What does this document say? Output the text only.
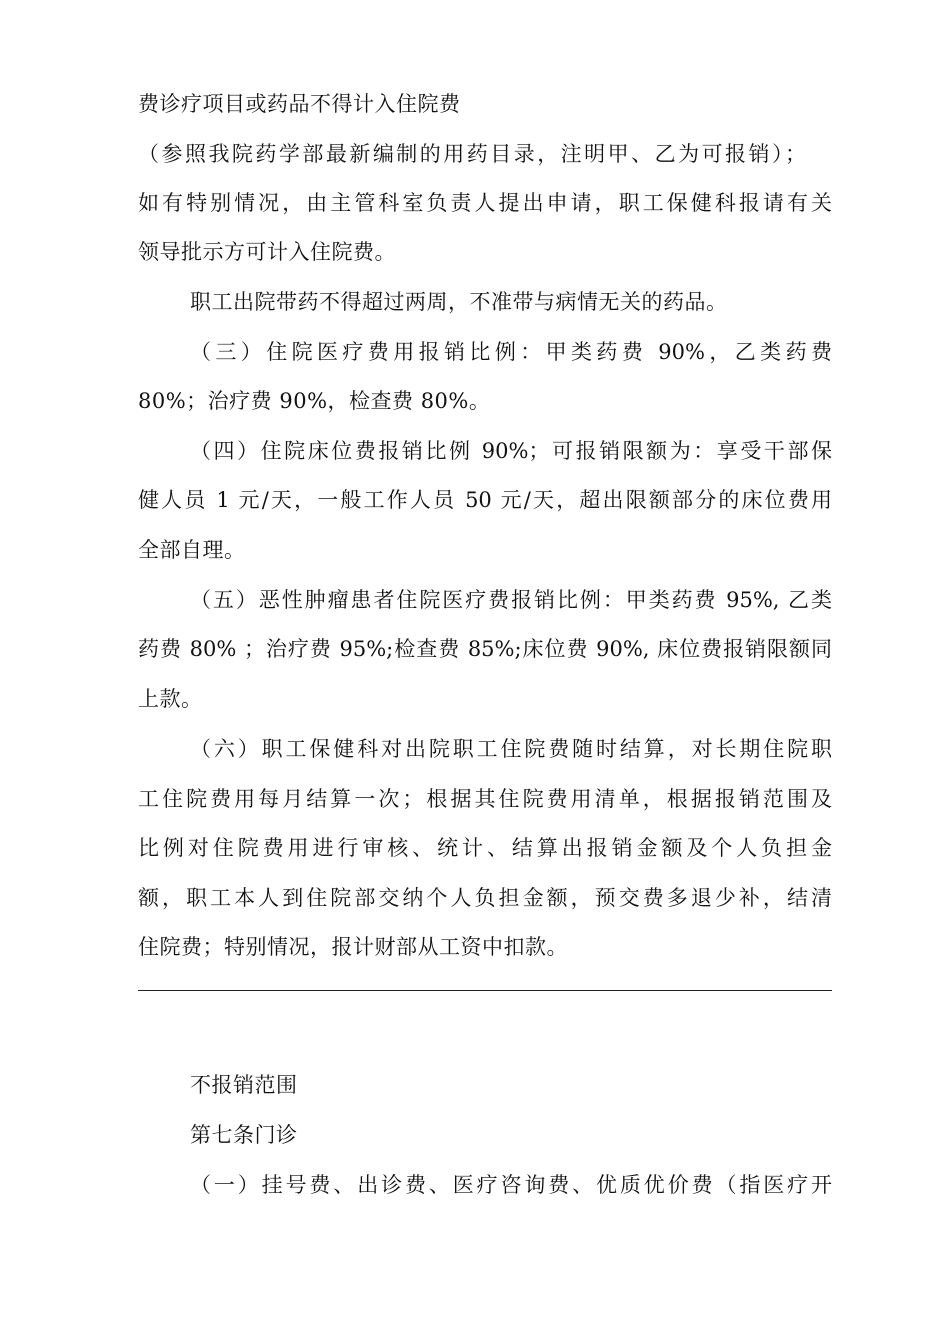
费诊疗项目或药品不得计入住院费
（参照我院药学部最新编制的用药目录，注明甲、乙为可报销）；
如有特别情况，由主管科室负责人提出申请，职工保健科报请有关
领导批示方可计入住院费。
职工出院带药不得超过两周，不准带与病情无关的药品。
（三）住院医疗费用报销比例：甲类药费 90%，乙类药费
80%；治疗费 90%，检查费 80%。
（四）住院床位费报销比例 90%；可报销限额为：享受干部保
健人员 1 元/天，一般工作人员 50 元/天，超出限额部分的床位费用
全部自理。
（五）恶性肿瘤患者住院医疗费报销比例：甲类药费 95%, 乙类
药费 80% ；治疗费 95%;检查费 85%;床位费 90%, 床位费报销限额同
上款。
（六）职工保健科对出院职工住院费随时结算，对长期住院职
工住院费用每月结算一次；根据其住院费用清单，根据报销范围及
比例对住院费用进行审核、统计、结算出报销金额及个人负担金
额，职工本人到住院部交纳个人负担金额，预交费多退少补，结清
住院费；特别情况，报计财部从工资中扣款。
不报销范围
第七条门诊
（一）挂号费、出诊费、医疗咨询费、优质优价费（指医疗开
